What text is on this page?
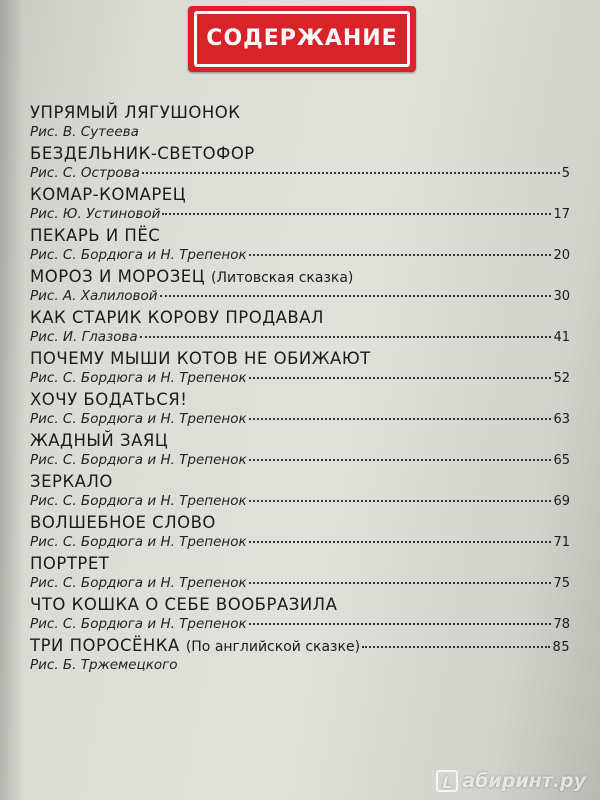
СОДЕРЖАНИЕ
УПРЯМЫЙ ЛЯГУШОНОК
Рис. В. Сутеева
БЕЗДЕЛЬНИК-СВЕТОФОР
Рис. С. Острова	5
КОМАР-КОМАРЕЦ
Рис. Ю. Устиновой	17
ПЕКАРЬ И ПЁС
Рис. С. Бордюга и Н. Трепенок	20
МОРОЗ И МОРОЗЕЦ (Литовская сказка)
Рис. А. Халиловой	30
КАК СТАРИК КОРОВУ ПРОДАВАЛ
Рис. И. Глазова	41
ПОЧЕМУ МЫШИ КОТОВ НЕ ОБИЖАЮТ
Рис. С. Бордюга и Н. Трепенок	52
ХОЧУ БОДАТЬСЯ!
Рис. С. Бордюга и Н. Трепенок	63
ЖАДНЫЙ ЗАЯЦ
Рис. С. Бордюга и Н. Трепенок	65
ЗЕРКАЛО
Рис. С. Бордюга и Н. Трепенок	69
ВОЛШЕБНОЕ СЛОВО
Рис. С. Бордюга и Н. Трепенок	71
ПОРТРЕТ
Рис. С. Бордюга и Н. Трепенок	75
ЧТО КОШКА О СЕБЕ ВООБРАЗИЛА
Рис. С. Бордюга и Н. Трепенок	78
ТРИ ПОРОСЁНКА (По английской сказке)	85
Рис. Б. Тржемецкого
L абиринт.ру
